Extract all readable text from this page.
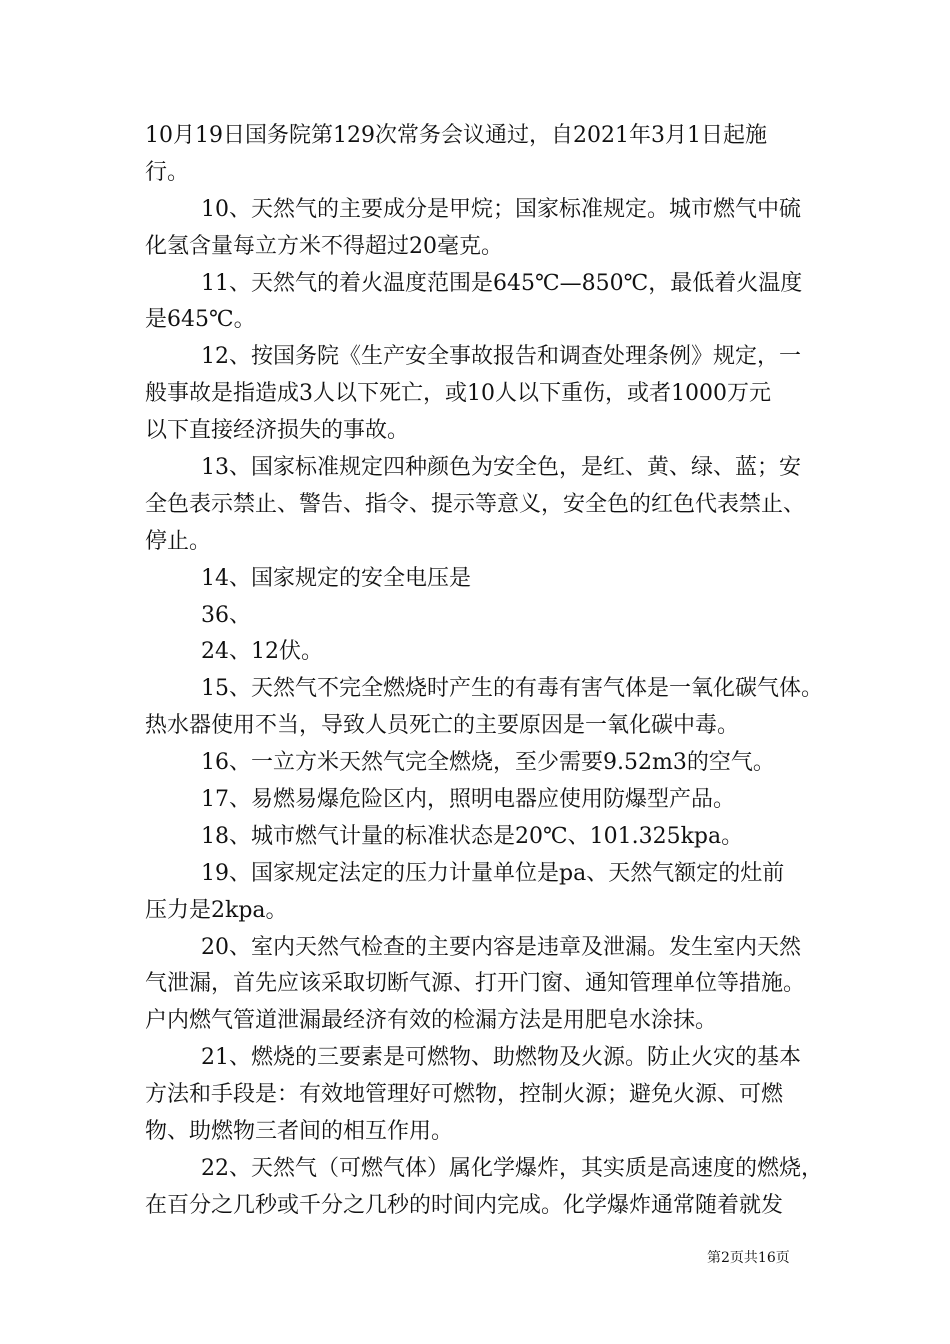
10月19日国务院第129次常务会议通过，自2021年3月1日起施
行。
10、天然气的主要成分是甲烷；国家标准规定。城市燃气中硫
化氢含量每立方米不得超过20毫克。
11、天然气的着火温度范围是645℃—850℃，最低着火温度
是645℃。
12、按国务院《生产安全事故报告和调查处理条例》规定，一
般事故是指造成3人以下死亡，或10人以下重伤，或者1000万元
以下直接经济损失的事故。
13、国家标准规定四种颜色为安全色，是红、黄、绿、蓝；安
全色表示禁止、警告、指令、提示等意义，安全色的红色代表禁止、
停止。
14、国家规定的安全电压是
36、
24、12伏。
15、天然气不完全燃烧时产生的有毒有害气体是一氧化碳气体。
热水器使用不当，导致人员死亡的主要原因是一氧化碳中毒。
16、一立方米天然气完全燃烧，至少需要9.52m3的空气。
17、易燃易爆危险区内，照明电器应使用防爆型产品。
18、城市燃气计量的标准状态是20℃、101.325kpa。
19、国家规定法定的压力计量单位是pa、天然气额定的灶前
压力是2kpa。
20、室内天然气检查的主要内容是违章及泄漏。发生室内天然
气泄漏，首先应该采取切断气源、打开门窗、通知管理单位等措施。
户内燃气管道泄漏最经济有效的检漏方法是用肥皂水涂抹。
21、燃烧的三要素是可燃物、助燃物及火源。防止火灾的基本
方法和手段是：有效地管理好可燃物，控制火源；避免火源、可燃
物、助燃物三者间的相互作用。
22、天然气（可燃气体）属化学爆炸，其实质是高速度的燃烧，
在百分之几秒或千分之几秒的时间内完成。化学爆炸通常随着就发
第2页共16页
